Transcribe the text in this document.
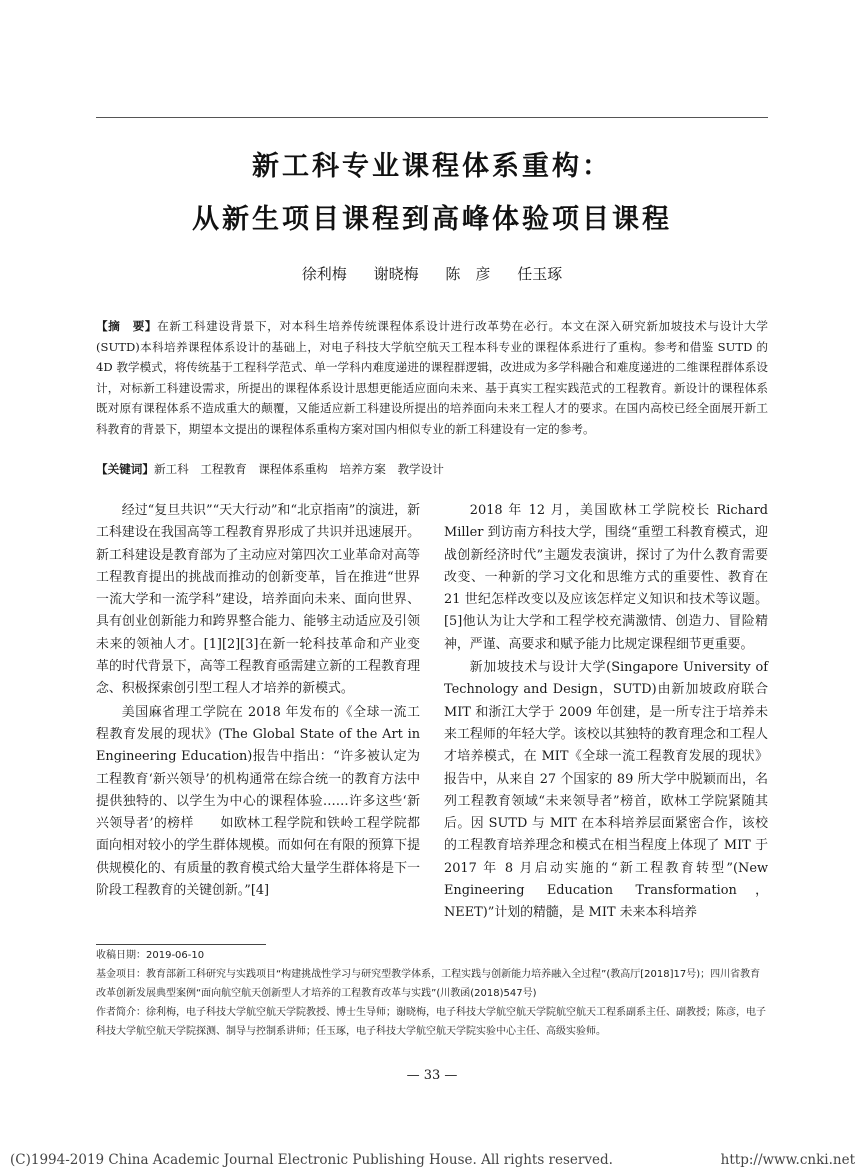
新工科专业课程体系重构：
从新生项目课程到高峰体验项目课程
徐利梅 谢晓梅 陈　彦 任玉琢
【摘　要】在新工科建设背景下，对本科生培养传统课程体系设计进行改革势在必行。本文在深入研究新加坡技术与设计大学(SUTD)本科培养课程体系设计的基础上，对电子科技大学航空航天工程本科专业的课程体系进行了重构。参考和借鉴 SUTD 的 4D 教学模式，将传统基于工程科学范式、单一学科内难度递进的课程群逻辑，改进成为多学科融合和难度递进的二维课程群体系设计，对标新工科建设需求，所提出的课程体系设计思想更能适应面向未来、基于真实工程实践范式的工程教育。新设计的课程体系既对原有课程体系不造成重大的颠覆，又能适应新工科建设所提出的培养面向未来工程人才的要求。在国内高校已经全面展开新工科教育的背景下，期望本文提出的课程体系重构方案对国内相似专业的新工科建设有一定的参考。
【关键词】新工科　工程教育　课程体系重构　培养方案　教学设计

经过“复旦共识”“天大行动”和“北京指南”的演进，新工科建设在我国高等工程教育界形成了共识并迅速展开。新工科建设是教育部为了主动应对第四次工业革命对高等工程教育提出的挑战而推动的创新变革，旨在推进“世界一流大学和一流学科”建设，培养面向未来、面向世界、具有创业创新能力和跨界整合能力、能够主动适应及引领未来的领袖人才。[1][2][3]在新一轮科技革命和产业变革的时代背景下，高等工程教育亟需建立新的工程教育理念、积极探索创引型工程人才培养的新模式。

美国麻省理工学院在 2018 年发布的《全球一流工程教育发展的现状》(The Global State of the Art in Engineering Education)报告中指出：“许多被认定为工程教育‘新兴领导’的机构通常在综合统一的教育方法中提供独特的、以学生为中心的课程体验……许多这些‘新兴领导者’的榜样　　如欧林工程学院和铁岭工程学院都面向相对较小的学生群体规模。而如何在有限的预算下提供规模化的、有质量的教育模式给大量学生群体将是下一阶段工程教育的关键创新。”[4]

2018 年 12 月，美国欧林工学院校长 Richard Miller 到访南方科技大学，围绕“重塑工科教育模式，迎战创新经济时代”主题发表演讲，探讨了为什么教育需要改变、一种新的学习文化和思维方式的重要性、教育在 21 世纪怎样改变以及应该怎样定义知识和技术等议题。[5]他认为让大学和工程学校充满激情、创造力、冒险精神，严谨、高要求和赋予能力比规定课程细节更重要。

新加坡技术与设计大学(Singapore University of Technology and Design，SUTD)由新加坡政府联合 MIT 和浙江大学于 2009 年创建，是一所专注于培养未来工程师的年轻大学。该校以其独特的教育理念和工程人才培养模式，在 MIT《全球一流工程教育发展的现状》报告中，从来自 27 个国家的 89 所大学中脱颖而出，名列工程教育领域“未来领导者”榜首，欧林工学院紧随其后。因 SUTD 与 MIT 在本科培养层面紧密合作，该校的工程教育培养理念和模式在相当程度上体现了 MIT 于 2017 年 8 月启动实施的“新工程教育转型”(New Engineering Education Transformation，NEET)”计划的精髓，是 MIT 未来本科培养

收稿日期：2019-06-10

基金项目：教育部新工科研究与实践项目“构建挑战性学习与研究型教学体系，工程实践与创新能力培养融入全过程”(教高厅[2018]17号)；四川省教育改革创新发展典型案例“面向航空航天创新型人才培养的工程教育改革与实践”(川教函(2018)547号)

作者简介：徐利梅，电子科技大学航空航天学院教授、博士生导师；谢晓梅，电子科技大学航空航天学院航空航天工程系副系主任、副教授；陈彦，电子科技大学航空航天学院探测、制导与控制系讲师；任玉琢，电子科技大学航空航天学院实验中心主任、高级实验师。

— 33 —
(C)1994-2019 China Academic Journal Electronic Publishing House. All rights reserved.	http://www.cnki.net
